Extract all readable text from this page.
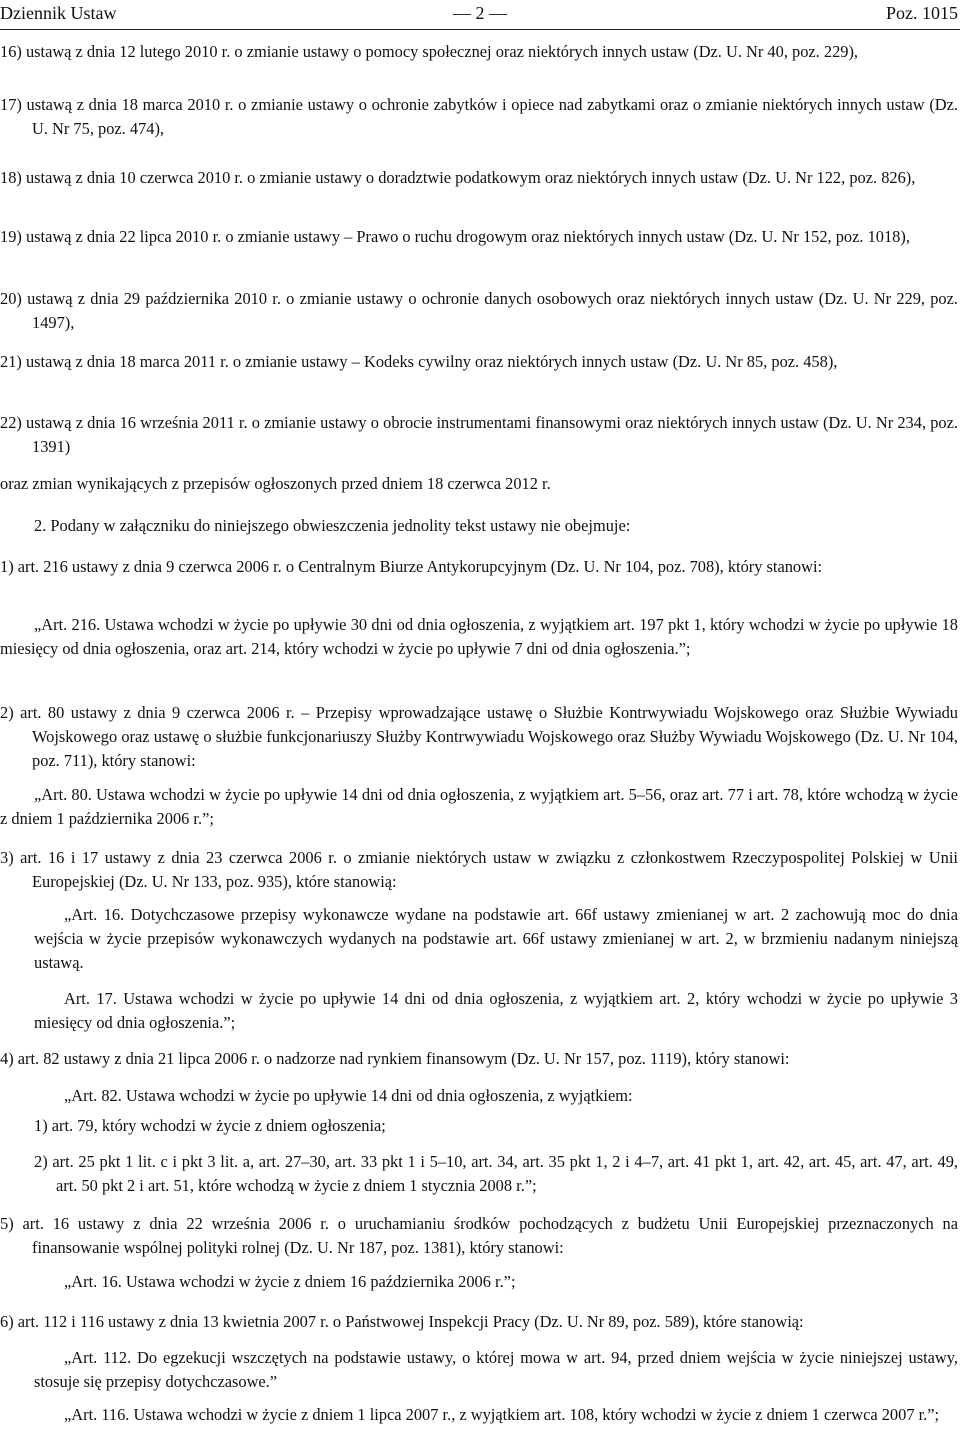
Dziennik Ustaw	— 2 —	Poz. 1015
16) ustawą z dnia 12 lutego 2010 r. o zmianie ustawy o pomocy społecznej oraz niektórych innych ustaw (Dz. U. Nr 40, poz. 229),
17) ustawą z dnia 18 marca 2010 r. o zmianie ustawy o ochronie zabytków i opiece nad zabytkami oraz o zmianie niektórych innych ustaw (Dz. U. Nr 75, poz. 474),
18) ustawą z dnia 10 czerwca 2010 r. o zmianie ustawy o doradztwie podatkowym oraz niektórych innych ustaw (Dz. U. Nr 122, poz. 826),
19) ustawą z dnia 22 lipca 2010 r. o zmianie ustawy – Prawo o ruchu drogowym oraz niektórych innych ustaw (Dz. U. Nr 152, poz. 1018),
20) ustawą z dnia 29 października 2010 r. o zmianie ustawy o ochronie danych osobowych oraz niektórych innych ustaw (Dz. U. Nr 229, poz. 1497),
21) ustawą z dnia 18 marca 2011 r. o zmianie ustawy – Kodeks cywilny oraz niektórych innych ustaw (Dz. U. Nr 85, poz. 458),
22) ustawą z dnia 16 września 2011 r. o zmianie ustawy o obrocie instrumentami finansowymi oraz niektórych innych ustaw (Dz. U. Nr 234, poz. 1391)
oraz zmian wynikających z przepisów ogłoszonych przed dniem 18 czerwca 2012 r.
2. Podany w załączniku do niniejszego obwieszczenia jednolity tekst ustawy nie obejmuje:
1) art. 216 ustawy z dnia 9 czerwca 2006 r. o Centralnym Biurze Antykorupcyjnym (Dz. U. Nr 104, poz. 708), który stanowi:
„Art. 216. Ustawa wchodzi w życie po upływie 30 dni od dnia ogłoszenia, z wyjątkiem art. 197 pkt 1, który wchodzi w życie po upływie 18 miesięcy od dnia ogłoszenia, oraz art. 214, który wchodzi w życie po upływie 7 dni od dnia ogłoszenia.”;
2) art. 80 ustawy z dnia 9 czerwca 2006 r. – Przepisy wprowadzające ustawę o Służbie Kontrwywiadu Wojskowego oraz Służbie Wywiadu Wojskowego oraz ustawę o służbie funkcjonariuszy Służby Kontrwywiadu Wojskowego oraz Służby Wywiadu Wojskowego (Dz. U. Nr 104, poz. 711), który stanowi:
„Art. 80. Ustawa wchodzi w życie po upływie 14 dni od dnia ogłoszenia, z wyjątkiem art. 5–56, oraz art. 77 i art. 78, które wchodzą w życie z dniem 1 października 2006 r.”;
3) art. 16 i 17 ustawy z dnia 23 czerwca 2006 r. o zmianie niektórych ustaw w związku z członkostwem Rzeczypospolitej Polskiej w Unii Europejskiej (Dz. U. Nr 133, poz. 935), które stanowią:
„Art. 16. Dotychczasowe przepisy wykonawcze wydane na podstawie art. 66f ustawy zmienianej w art. 2 zachowują moc do dnia wejścia w życie przepisów wykonawczych wydanych na podstawie art. 66f ustawy zmienianej w art. 2, w brzmieniu nadanym niniejszą ustawą.
Art. 17. Ustawa wchodzi w życie po upływie 14 dni od dnia ogłoszenia, z wyjątkiem art. 2, który wchodzi w życie po upływie 3 miesięcy od dnia ogłoszenia.”;
4) art. 82 ustawy z dnia 21 lipca 2006 r. o nadzorze nad rynkiem finansowym (Dz. U. Nr 157, poz. 1119), który stanowi:
„Art. 82. Ustawa wchodzi w życie po upływie 14 dni od dnia ogłoszenia, z wyjątkiem:
1) art. 79, który wchodzi w życie z dniem ogłoszenia;
2) art. 25 pkt 1 lit. c i pkt 3 lit. a, art. 27–30, art. 33 pkt 1 i 5–10, art. 34, art. 35 pkt 1, 2 i 4–7, art. 41 pkt 1, art. 42, art. 45, art. 47, art. 49, art. 50 pkt 2 i art. 51, które wchodzą w życie z dniem 1 stycznia 2008 r.”;
5) art. 16 ustawy z dnia 22 września 2006 r. o uruchamianiu środków pochodzących z budżetu Unii Europejskiej przeznaczonych na finansowanie wspólnej polityki rolnej (Dz. U. Nr 187, poz. 1381), który stanowi:
„Art. 16. Ustawa wchodzi w życie z dniem 16 października 2006 r.”;
6) art. 112 i 116 ustawy z dnia 13 kwietnia 2007 r. o Państwowej Inspekcji Pracy (Dz. U. Nr 89, poz. 589), które stanowią:
„Art. 112. Do egzekucji wszczętych na podstawie ustawy, o której mowa w art. 94, przed dniem wejścia w życie niniejszej ustawy, stosuje się przepisy dotychczasowe.”
„Art. 116. Ustawa wchodzi w życie z dniem 1 lipca 2007 r., z wyjątkiem art. 108, który wchodzi w życie z dniem 1 czerwca 2007 r.”;
